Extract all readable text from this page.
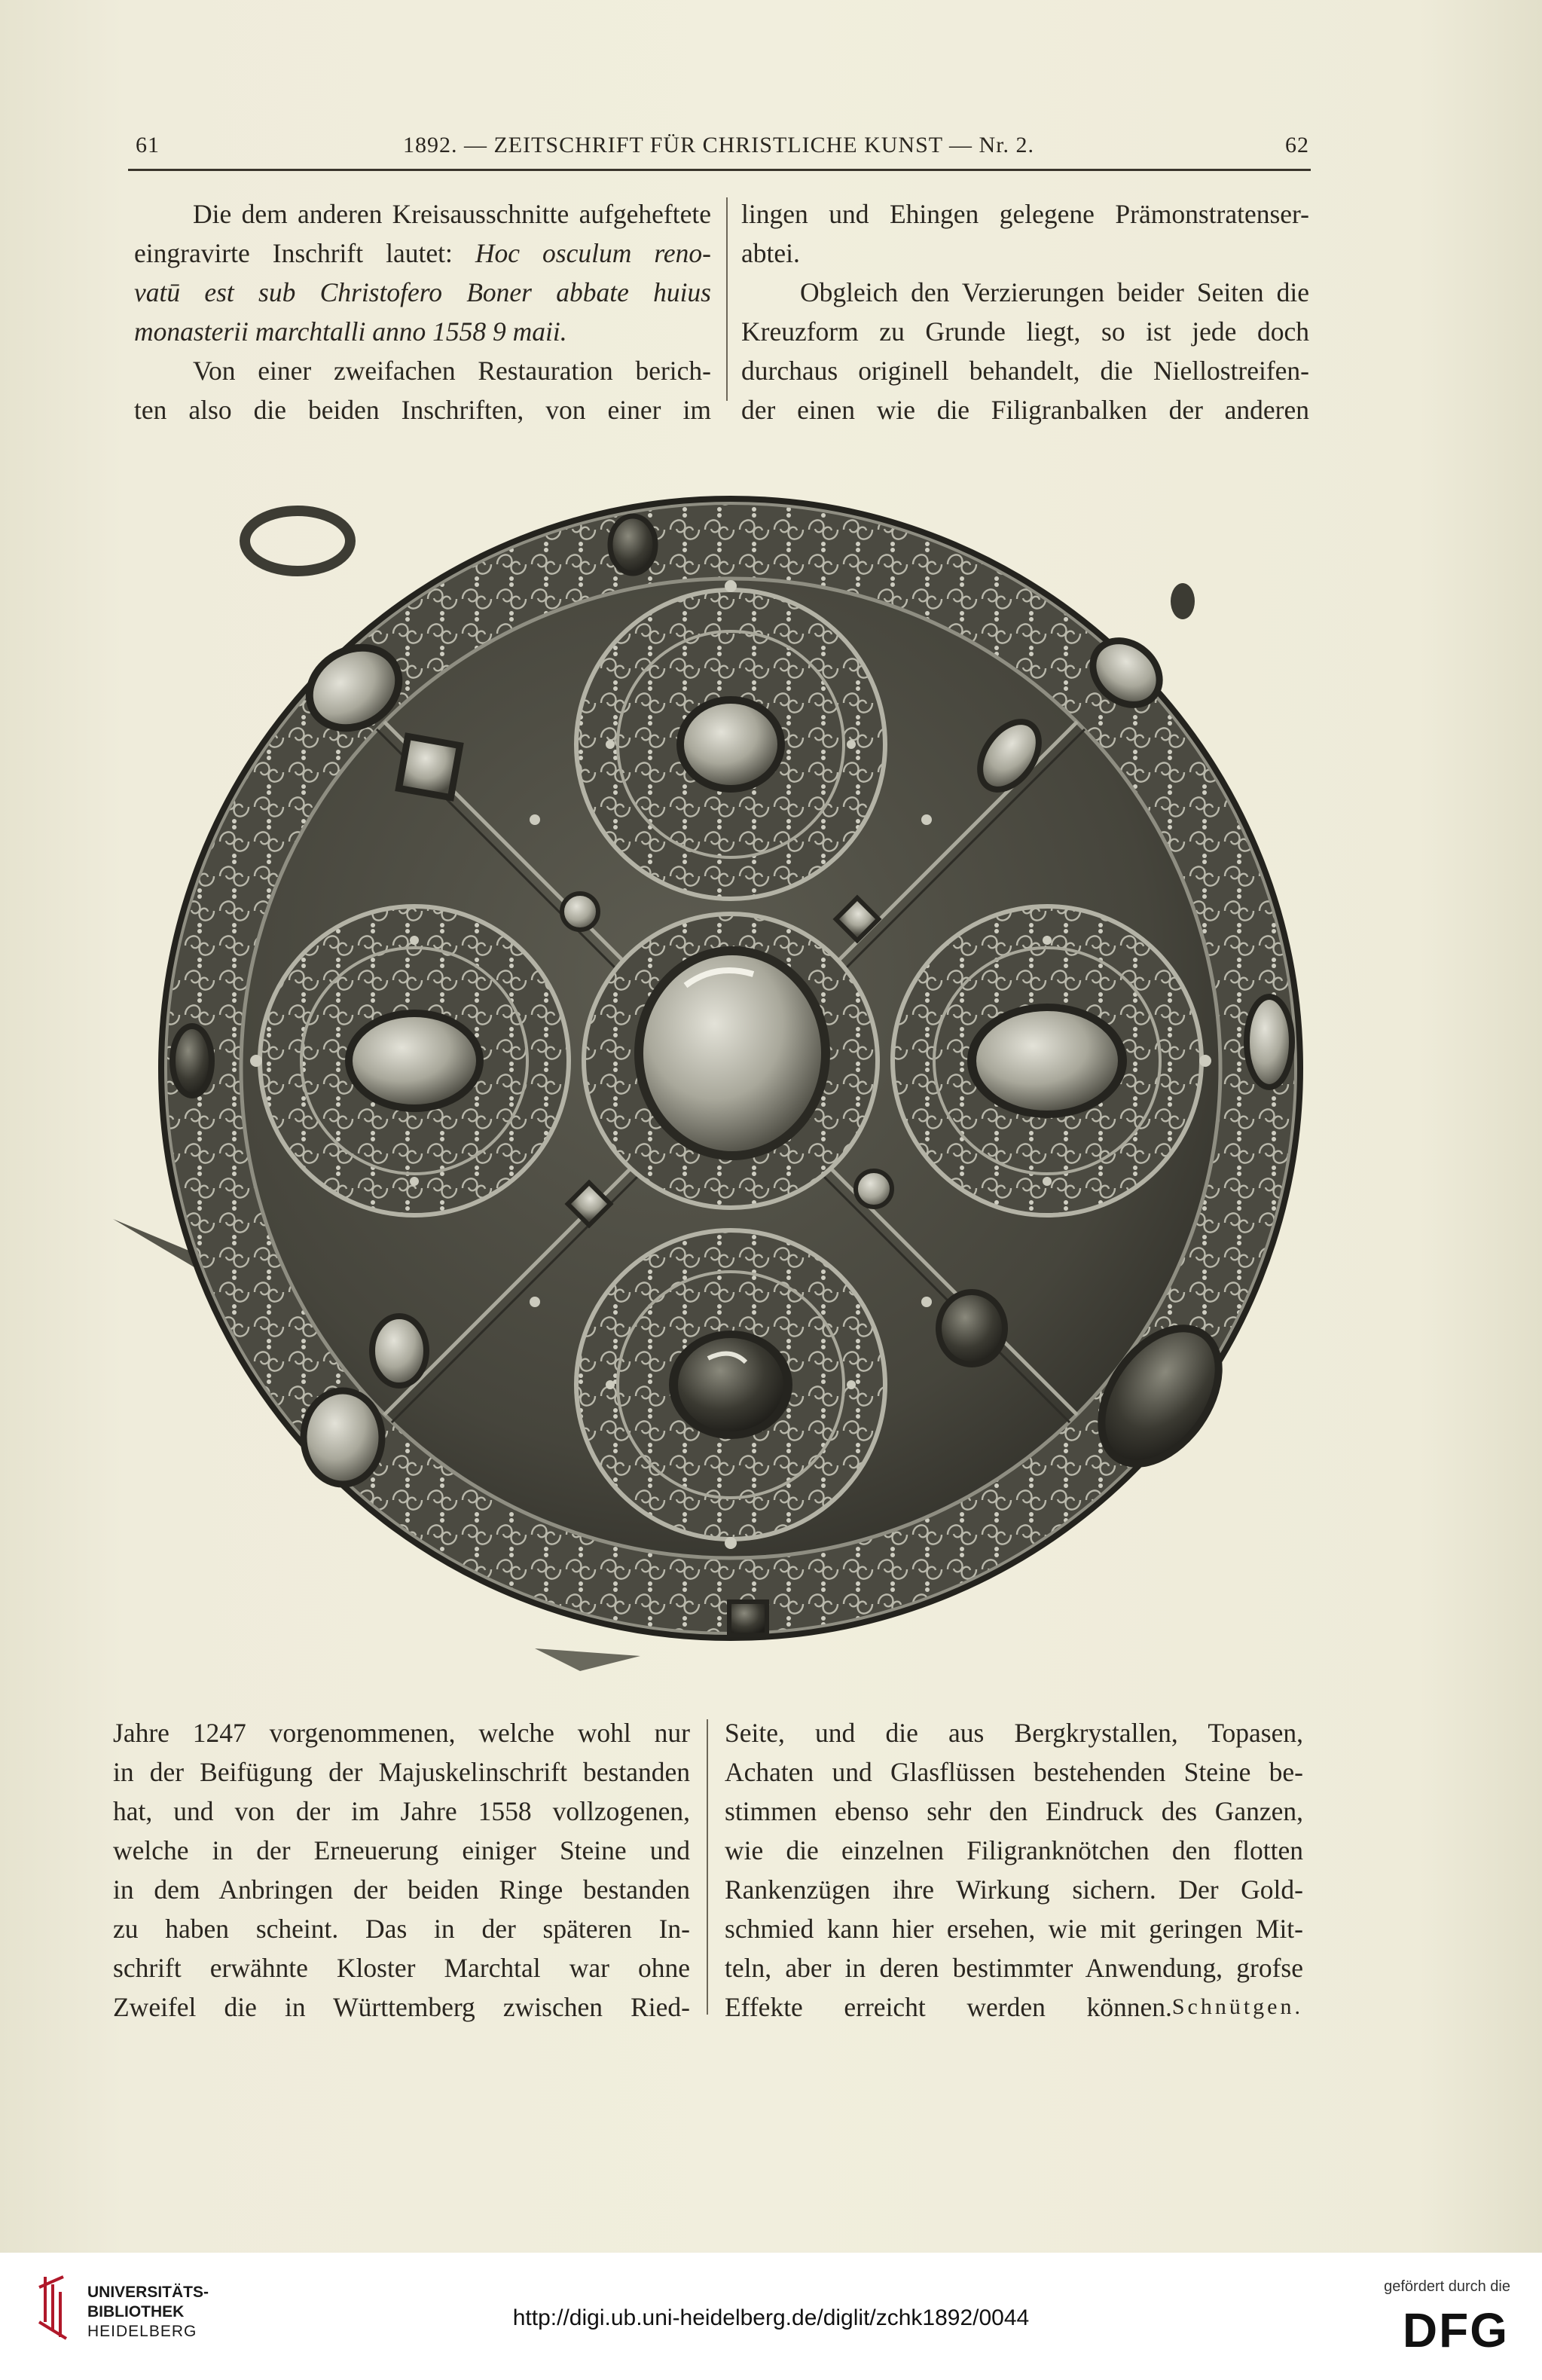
61	1892. — ZEITSCHRIFT FÜR CHRISTLICHE KUNST — Nr. 2.	62

Die dem anderen Kreisausschnitte aufgeheftete

eingravirte Inschrift lautet: Hoc osculum reno-

vatū est sub Christofero Boner abbate huius

monasterii marchtalli anno 1558 9 maii.

Von einer zweifachen Restauration berich-

ten also die beiden Inschriften, von einer im

lingen und Ehingen gelegene Prämonstratenser-

abtei.

Obgleich den Verzierungen beider Seiten die

Kreuzform zu Grunde liegt, so ist jede doch

durchaus originell behandelt, die Niellostreifen-

der einen wie die Filigranbalken der anderen

Jahre 1247 vorgenommenen, welche wohl nur

in der Beifügung der Majuskelinschrift bestanden

hat, und von der im Jahre 1558 vollzogenen,

welche in der Erneuerung einiger Steine und

in dem Anbringen der beiden Ringe bestanden

zu haben scheint. Das in der späteren In-

schrift erwähnte Kloster Marchtal war ohne

Zweifel die in Württemberg zwischen Ried-

Seite, und die aus Bergkrystallen, Topasen,

Achaten und Glasflüssen bestehenden Steine be-

stimmen ebenso sehr den Eindruck des Ganzen,

wie die einzelnen Filigranknötchen den flotten

Rankenzügen ihre Wirkung sichern. Der Gold-

schmied kann hier ersehen, wie mit geringen Mit-

teln, aber in deren bestimmter Anwendung, grofse

Effekte erreicht werden können. Schnütgen.

UNIVERSITÄTS-
BIBLIOTHEK
HEIDELBERG
http://digi.ub.uni-heidelberg.de/diglit/zchk1892/0044
gefördert durch die
DFG
